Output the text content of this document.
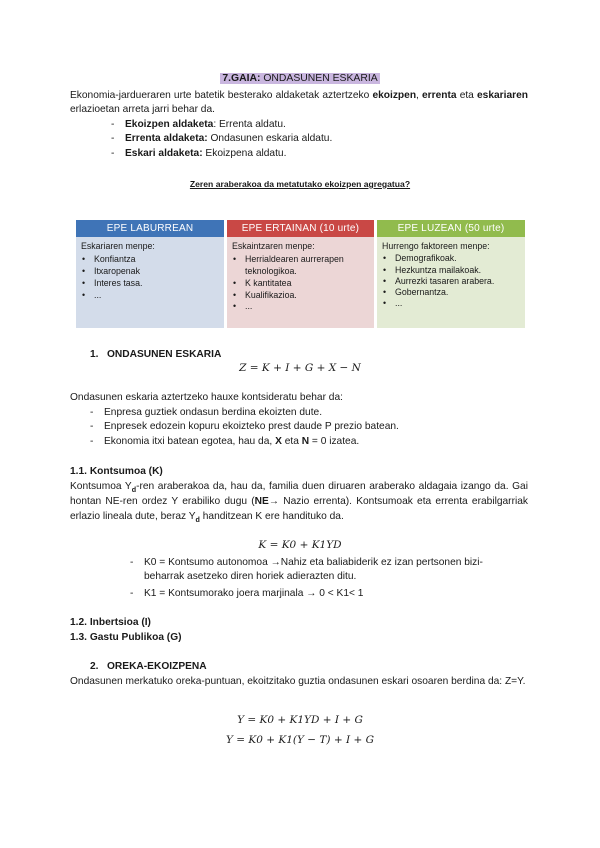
7.GAIA: ONDASUNEN ESKARIA
Ekonomia-jardueraren urte batetik besterako aldaketak aztertzeko ekoizpen, errenta eta eskariaren erlazioetan arreta jarri behar da.
- Ekoizpen aldaketa: Errenta aldatu.
- Errenta aldaketa: Ondasunen eskaria aldatu.
- Eskari aldaketa: Ekoizpena aldatu.
Zeren araberakoa da metatutako ekoizpen agregatua?
EPE LABURREAN
Eskariaren menpe:
• Konfiantza
• Itxaropenak
• Interes tasa.
• ...
EPE ERTAINAN (10 urte)
Eskaintzaren menpe:
• Herrialdearen aurrerapen teknologikoa.
• K kantitatea
• Kualifikazioa.
• ...
EPE LUZEAN (50 urte)
Hurrengo faktoreen menpe:
• Demografikoak.
• Hezkuntza mailakoak.
• Aurrezki tasaren arabera.
• Gobernantza.
• ...
1. ONDASUNEN ESKARIA
Z = K + I + G + X − N
Ondasunen eskaria aztertzeko hauxe kontsideratu behar da:
- Enpresa guztiek ondasun berdina ekoizten dute.
- Enpresek edozein kopuru ekoizteko prest daude P prezio batean.
- Ekonomia itxi batean egotea, hau da, X eta N = 0 izatea.
1.1. Kontsumoa (K)
Kontsumoa $Y_d$-ren araberakoa da, hau da, familia duen diruaren araberako aldagaia izango da. Gai hontan NE-ren ordez Y erabiliko dugu (NE→ Nazio errenta). Kontsumoak eta errenta erabilgarriak erlazio lineala dute, beraz $Y_d$ handitzean K ere handituko da.
K = K0 + K1YD
- K0 = Kontsumo autonomoa →Nahiz eta baliabiderik ez izan pertsonen bizi-beharrak asetzeko diren horiek adierazten ditu.
- K1 = Kontsumorako joera marjinala → 0 < K1< 1
1.2. Inbertsioa (I)
1.3. Gastu Publikoa (G)
2. OREKA-EKOIZPENA
Ondasunen merkatuko oreka-puntuan, ekoitzitako guztia ondasunen eskari osoaren berdina da: Z=Y.
Y = K0 + K1YD + I + G
Y = K0 + K1(Y − T) + I + G
